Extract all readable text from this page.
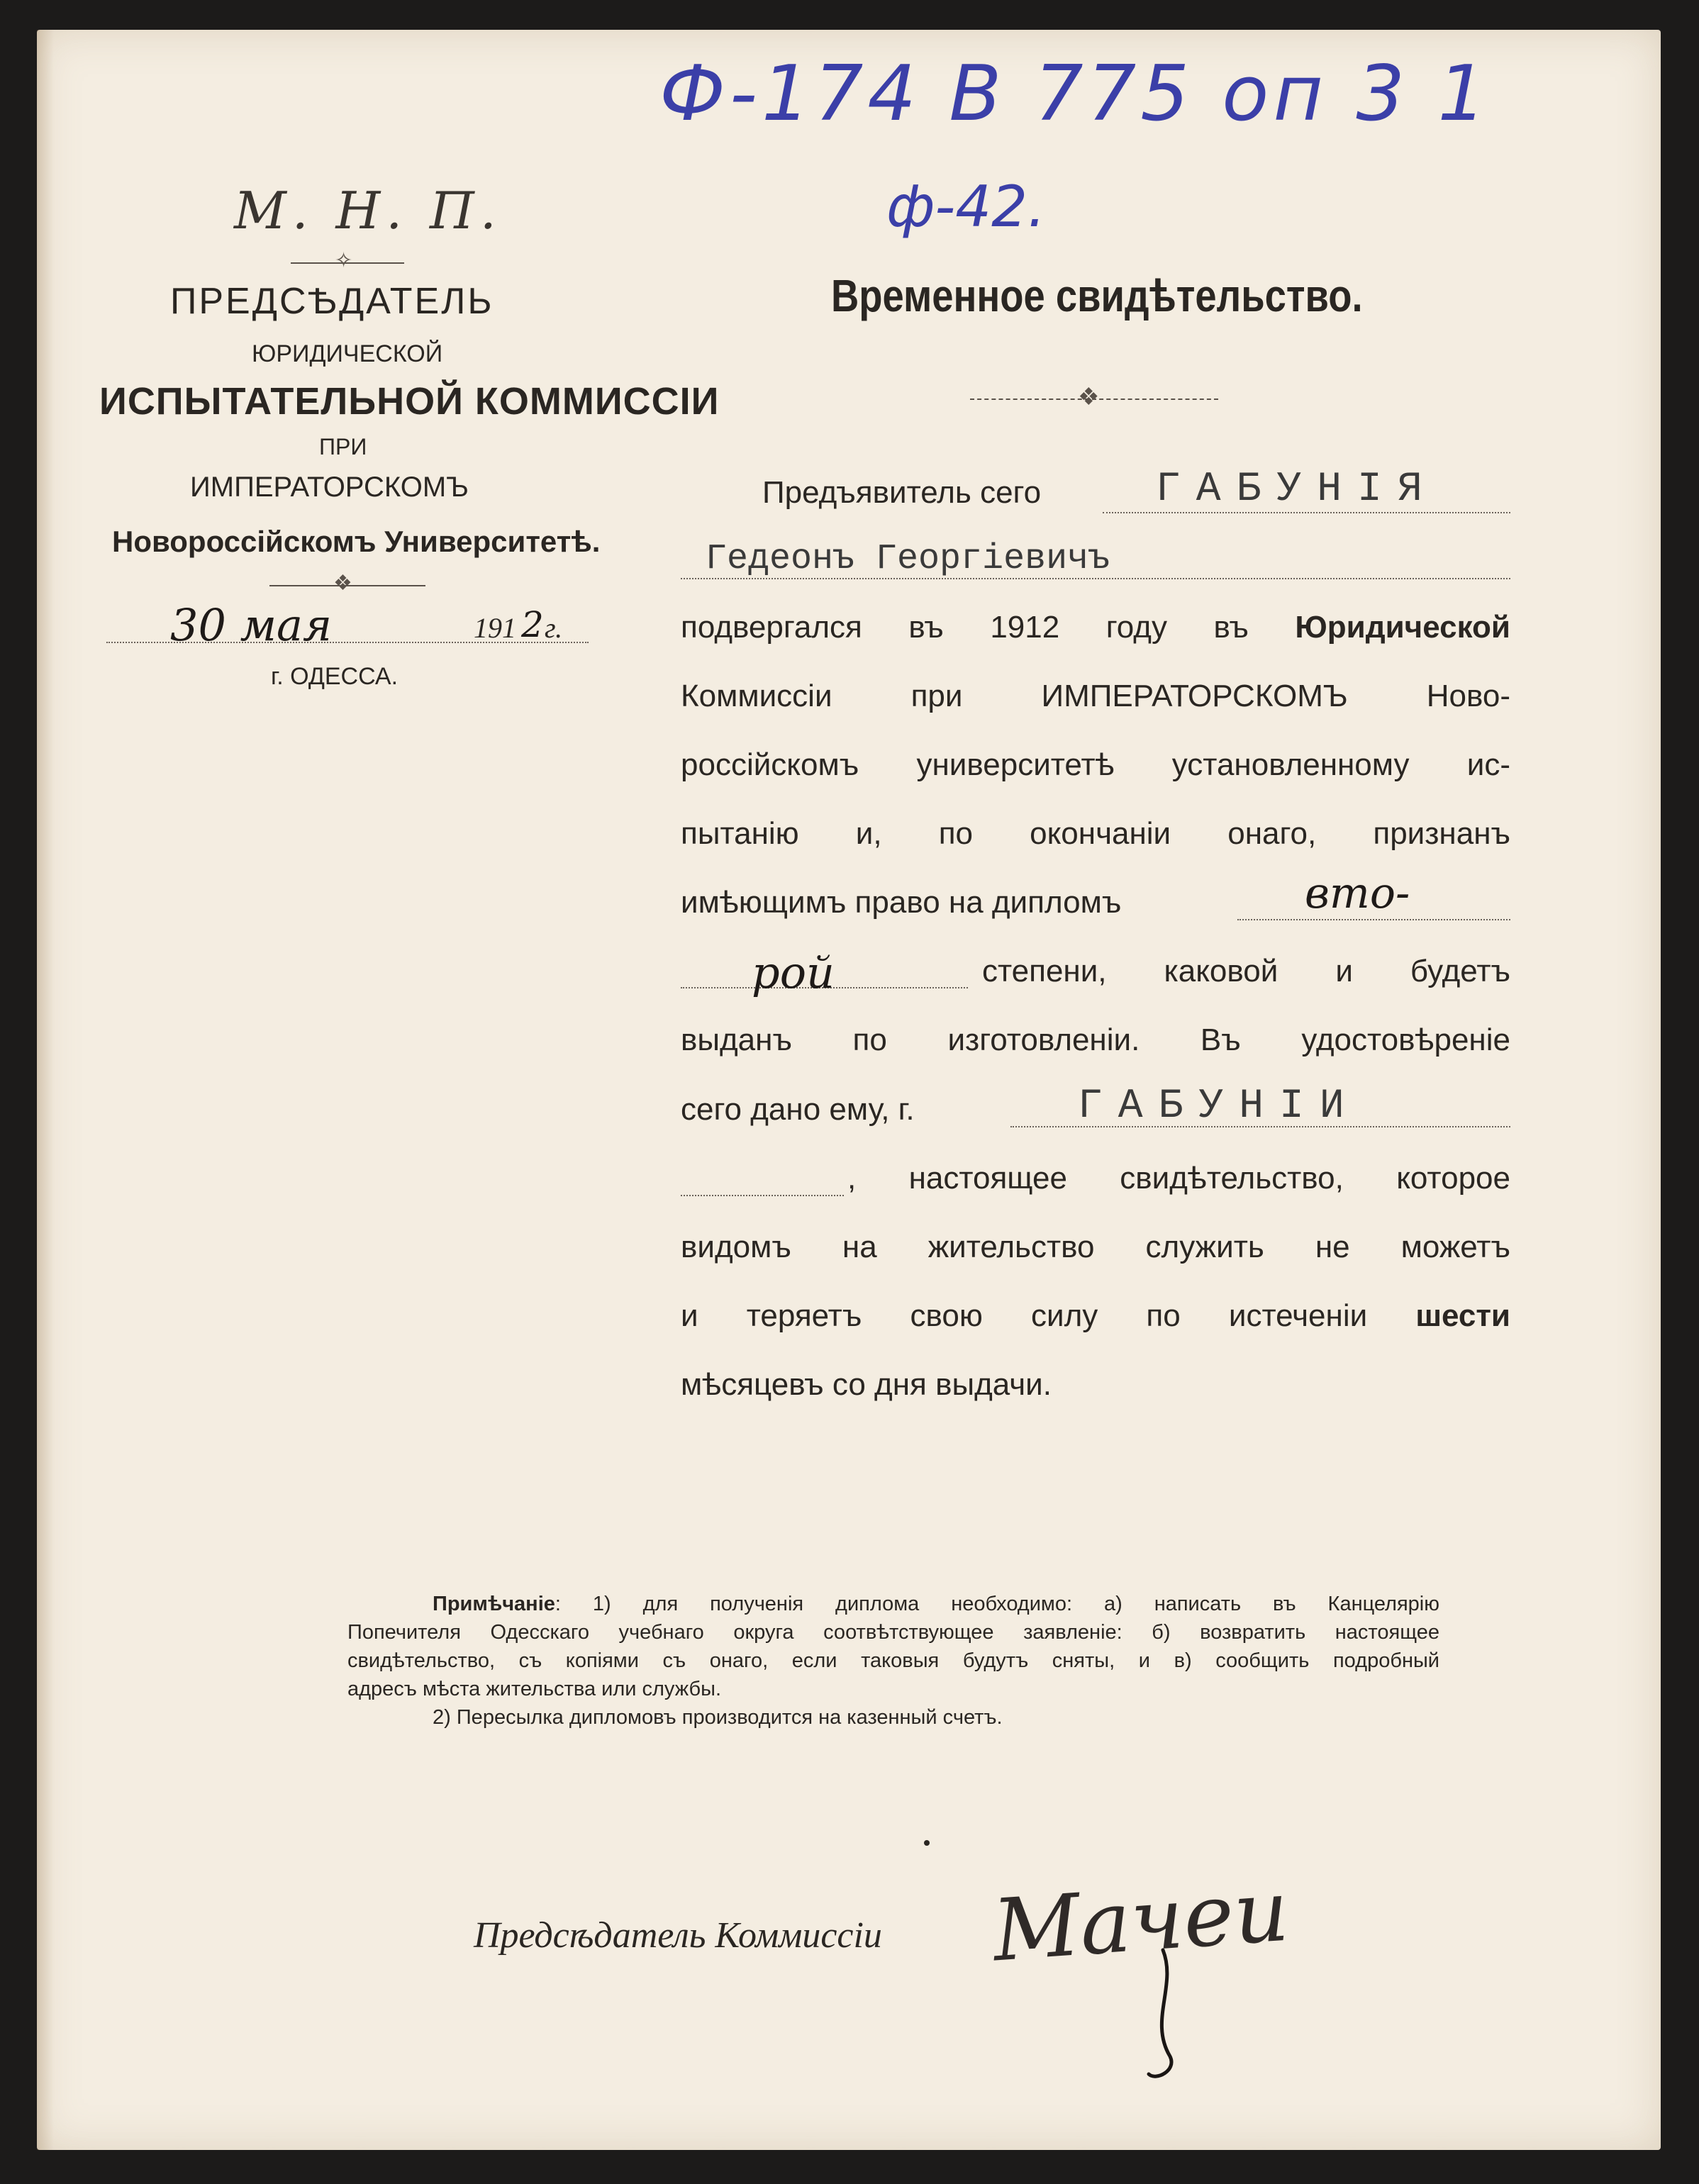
Ф-174 В 775 оп 3 1
ф-42.
М. Н. П.
✧
ПРЕДСѢДАТЕЛЬ
ЮРИДИЧЕСКОЙ
ИСПЫТАТЕЛЬНОЙ КОММИССІИ
ПРИ
ИМПЕРАТОРСКОМЪ
Новороссійскомъ Университетѣ.
❖
30 мая	191 2 г.
г. ОДЕССА.
Временное свидѣтельство.
❖
Предъявитель сего	ГАБУНІЯ
Гедеонъ Георгіевичъ
подвергался въ 1912 году въ Юридической
Коммиссіи	при	ИМПЕРАТОРСКОМЪ	Ново-
россійскомъ университетѣ установленному ис-
пытанію и, по окончаніи онаго, признанъ
имѣющимъ право на дипломъ	вто-
рой	степени, каковой и будетъ
выданъ по изготовленіи. Въ удостовѣреніе
сего дано ему, г.	ГАБУНІИ
, настоящее свидѣтельство, которое
видомъ на жительство служить не можетъ
и теряетъ свою силу по истеченіи шести
мѣсяцевъ со дня выдачи.
Примѣчаніе: 1) для полученія диплома необходимо: а) написать въ Канцелярію
Попечителя Одесскаго учебнаго округа соотвѣтствующее заявленіе: б) возвратить настоящее
свидѣтельство, съ копіями съ онаго, если таковыя будутъ сняты, и в) сообщить подробный
адресъ мѣста жительства или службы.
2) Пересылка дипломовъ производится на казенный счетъ.
Предсѣдатель Коммиссіи Мачеи
